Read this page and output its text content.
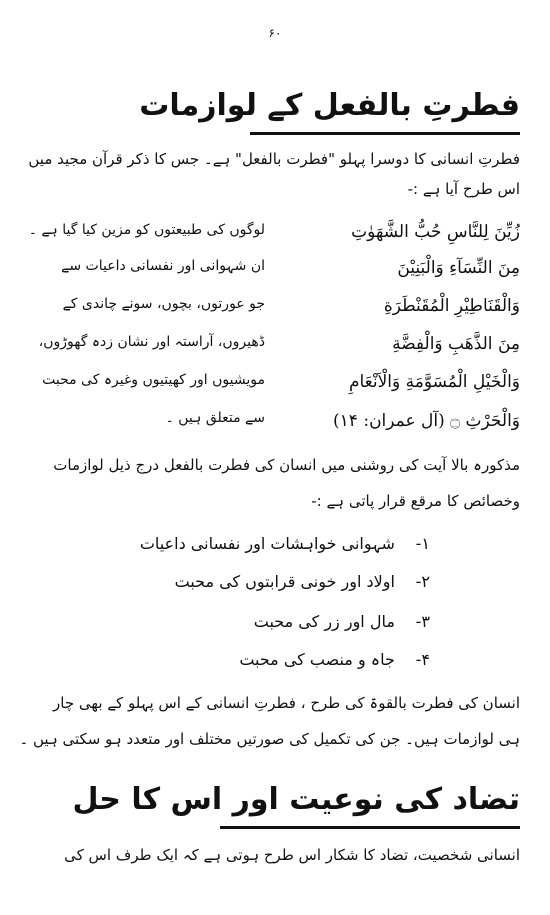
۶۰
فطرتِ بالفعل کے لوازمات
فطرتِ انسانی کا دوسرا پہلو "فطرت بالفعل" ہے۔ جس کا ذکر قرآن مجید میں
اس طرح آیا ہے :-
زُيِّنَ لِلنَّاسِ حُبُّ الشَّهَوٰتِ
لوگوں کی طبیعتوں کو مزین کیا گیا ہے ۔
مِنَ النِّسَآءِ وَالْبَنِيْنَ
ان شہوانی اور نفسانی داعیات سے
وَالْقَنَاطِيْرِ الْمُقَنْطَرَةِ
جو عورتوں، بچوں، سونے چاندی کے
مِنَ الذَّهَبِ وَالْفِضَّةِ
ڈھیروں، آراستہ اور نشان زدہ گھوڑوں،
وَالْخَيْلِ الْمُسَوَّمَةِ وَالْاَنْعَامِ
مویشیوں اور کھیتیوں وغیرہ کی محبت
وَالْحَرْثِ ۝ (آل عمران: ۱۴)
سے متعلق ہیں ۔
مذکورہ بالا آیت کی روشنی میں انسان کی فطرت بالفعل درج ذیل لوازمات
وخصائص کا مرقع قرار پاتی ہے :-
۱- شہوانی خواہشات اور نفسانی داعیات
۲- اولاد اور خونی قرابتوں کی محبت
۳- مال اور زر کی محبت
۴- جاہ و منصب کی محبت
انسان کی فطرت بالقوۃ کی طرح ، فطرتِ انسانی کے اس پہلو کے بھی چار
ہی لوازمات ہیں۔ جن کی تکمیل کی صورتیں مختلف اور متعدد ہو سکتی ہیں ۔
تضاد کی نوعیت اور اس کا حل
انسانی شخصیت، تضاد کا شکار اس طرح ہوتی ہے کہ ایک طرف اس کی
